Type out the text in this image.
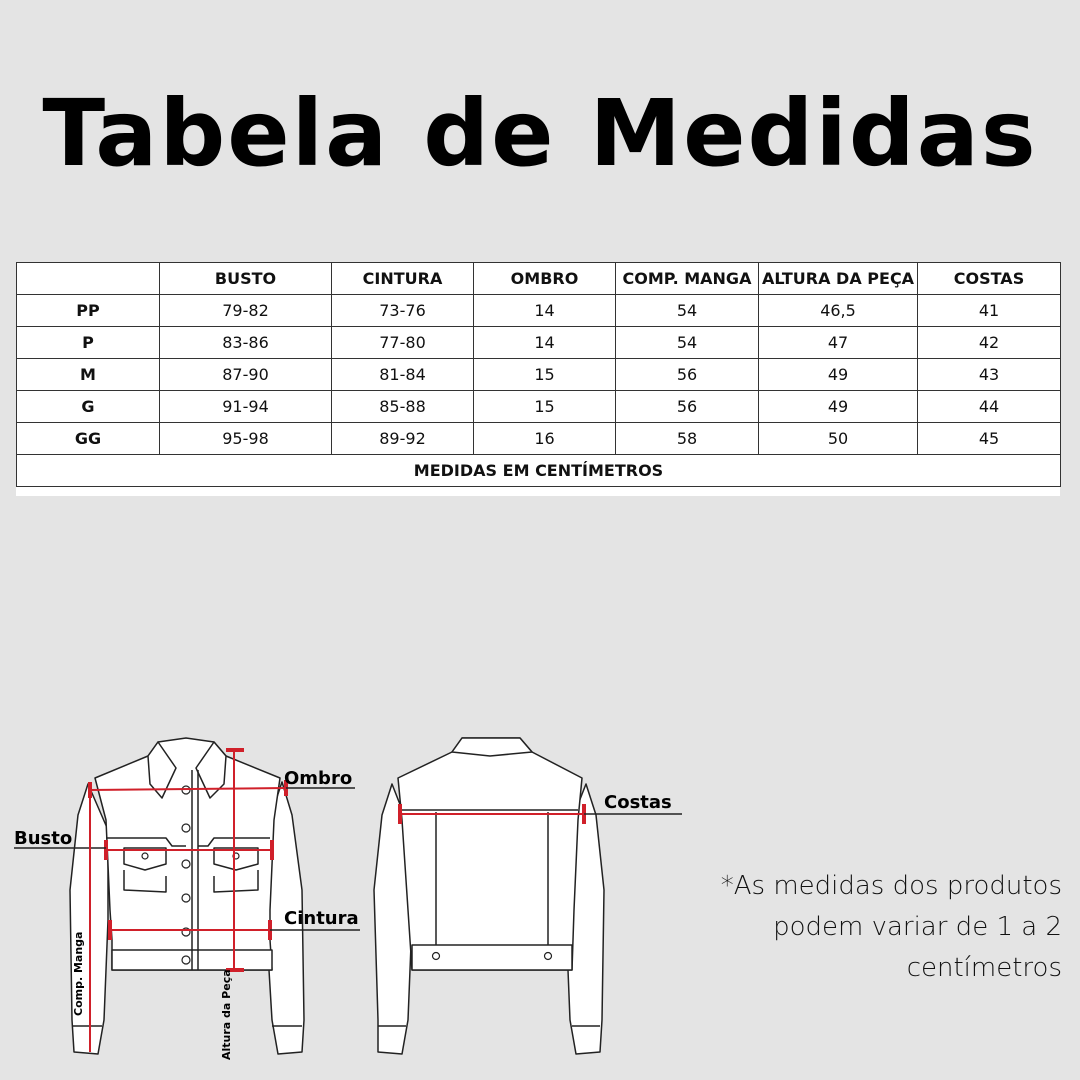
Tabela de Medidas
	BUSTO	CINTURA	OMBRO	COMP. MANGA	ALTURA DA PEÇA	COSTAS
PP	79-82	73-76	14	54	46,5	41
P	83-86	77-80	14	54	47	42
M	87-90	81-84	15	56	49	43
G	91-94	85-88	15	56	49	44
GG	95-98	89-92	16	58	50	45
MEDIDAS EM CENTÍMETROS						
Ombro
Busto
Cintura
Costas
Comp. Manga	Altura da Peça
*As medidas dos produtos podem variar de 1 a 2 centímetros
